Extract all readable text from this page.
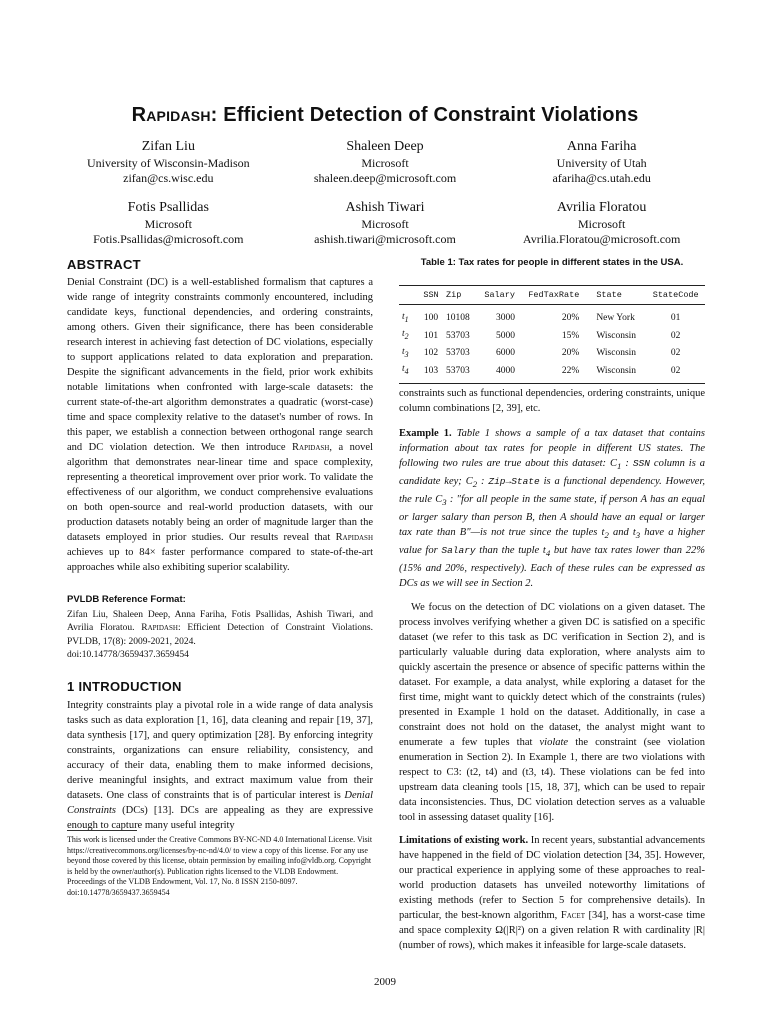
Rapidash: Efficient Detection of Constraint Violations
Zifan Liu
University of Wisconsin-Madison
zifan@cs.wisc.edu
Shaleen Deep
Microsoft
shaleen.deep@microsoft.com
Anna Fariha
University of Utah
afariha@cs.utah.edu
Fotis Psallidas
Microsoft
Fotis.Psallidas@microsoft.com
Ashish Tiwari
Microsoft
ashish.tiwari@microsoft.com
Avrilia Floratou
Microsoft
Avrilia.Floratou@microsoft.com
ABSTRACT

Denial Constraint (DC) is a well-established formalism that captures a wide range of integrity constraints commonly encountered, including candidate keys, functional dependencies, and ordering constraints, among others. Given their significance, there has been considerable research interest in achieving fast detection of DC violations, especially to support applications related to data exploration and preparation. Despite the significant advancements in the field, prior work exhibits notable limitations when confronted with large-scale datasets: the current state-of-the-art algorithm demonstrates a quadratic (worst-case) time and space complexity relative to the dataset's number of rows. In this paper, we establish a connection between orthogonal range search and DC violation detection. We then introduce Rapidash, a novel algorithm that demonstrates near-linear time and space complexity, representing a theoretical improvement over prior work. To validate the effectiveness of our algorithm, we conduct comprehensive evaluations on both open-source and real-world production datasets, with our production datasets notably being an order of magnitude larger than the datasets employed in prior studies. Our results reveal that Rapidash achieves up to 84× faster performance compared to state-of-the-art approaches while also exhibiting superior scalability.

PVLDB Reference Format:
Zifan Liu, Shaleen Deep, Anna Fariha, Fotis Psallidas, Ashish Tiwari, and Avrilia Floratou. Rapidash: Efficient Detection of Constraint Violations. PVLDB, 17(8): 2009-2021, 2024.
doi:10.14778/3659437.3659454
1 INTRODUCTION

Integrity constraints play a pivotal role in a wide range of data analysis tasks such as data exploration [1, 16], data cleaning and repair [19, 37], data synthesis [17], and query optimization [28]. By enforcing integrity constraints, organizations can ensure reliability, consistency, and accuracy of their data, enabling them to make informed decisions, derive meaningful insights, and extract maximum value from their datasets. One class of constraints that is of particular interest is Denial Constraints (DCs) [13]. DCs are appealing as they are expressive enough to capture many useful integrity

This work is licensed under the Creative Commons BY-NC-ND 4.0 International License. Visit https://creativecommons.org/licenses/by-nc-nd/4.0/ to view a copy of this license. For any use beyond those covered by this license, obtain permission by emailing info@vldb.org. Copyright is held by the owner/author(s). Publication rights licensed to the VLDB Endowment.
Proceedings of the VLDB Endowment, Vol. 17, No. 8 ISSN 2150-8097.
doi:10.14778/3659437.3659454
Table 1: Tax rates for people in different states in the USA.
	SSN	Zip	Salary	FedTaxRate	State	StateCode
$t_1$	100	10108	3000	20%	New York	01
$t_2$	101	53703	5000	15%	Wisconsin	02
$t_3$	102	53703	6000	20%	Wisconsin	02
$t_4$	103	53703	4000	22%	Wisconsin	02

constraints such as functional dependencies, ordering constraints, unique column combinations [2, 39], etc.

Example 1. Table 1 shows a sample of a tax dataset that contains information about tax rates for people in different US states. The following two rules are true about this dataset: $C_1$ : SSN column is a candidate key; $C_2$ : Zip→State is a functional dependency. However, the rule $C_3$ : "for all people in the same state, if person A has an equal or larger salary than person B, then A should have an equal or larger tax rate than B"—is not true since the tuples $t_2$ and $t_3$ have a higher value for Salary than the tuple $t_4$ but have tax rates lower than 22% (15% and 20%, respectively). Each of these rules can be expressed as DCs as we will see in Section 2.

We focus on the detection of DC violations on a given dataset. The process involves verifying whether a given DC is satisfied on a specific dataset (we refer to this task as DC verification in Section 2), and is particularly valuable during data exploration, where analysts aim to quickly ascertain the presence or absence of specific patterns within the dataset. For example, a data analyst, while exploring a dataset for the first time, might want to quickly detect which of the constraints (rules) presented in Example 1 hold on the dataset. Additionally, in case a constraint does not hold on the dataset, the analyst might want to enumerate a few tuples that violate the constraint (see violation enumeration in Section 2). In Example 1, there are two violations with respect to C3: (t2, t4) and (t3, t4). These violations can be fed into upstream data cleaning tools [15, 18, 37], which can be used to repair data inconsistencies. Thus, DC violation detection serves as a valuable tool in assessing dataset quality [16].

Limitations of existing work. In recent years, substantial advancements have happened in the field of DC violation detection [34, 35]. However, our practical experience in applying some of these approaches to real-world production datasets has unveiled noteworthy limitations of existing methods (refer to Section 5 for comprehensive details). In particular, the best-known algorithm, Facet [34], has a worst-case time and space complexity Ω(|R|²) on a given relation R with cardinality |R| (number of rows), which makes it infeasible for large-scale datasets.

2009
